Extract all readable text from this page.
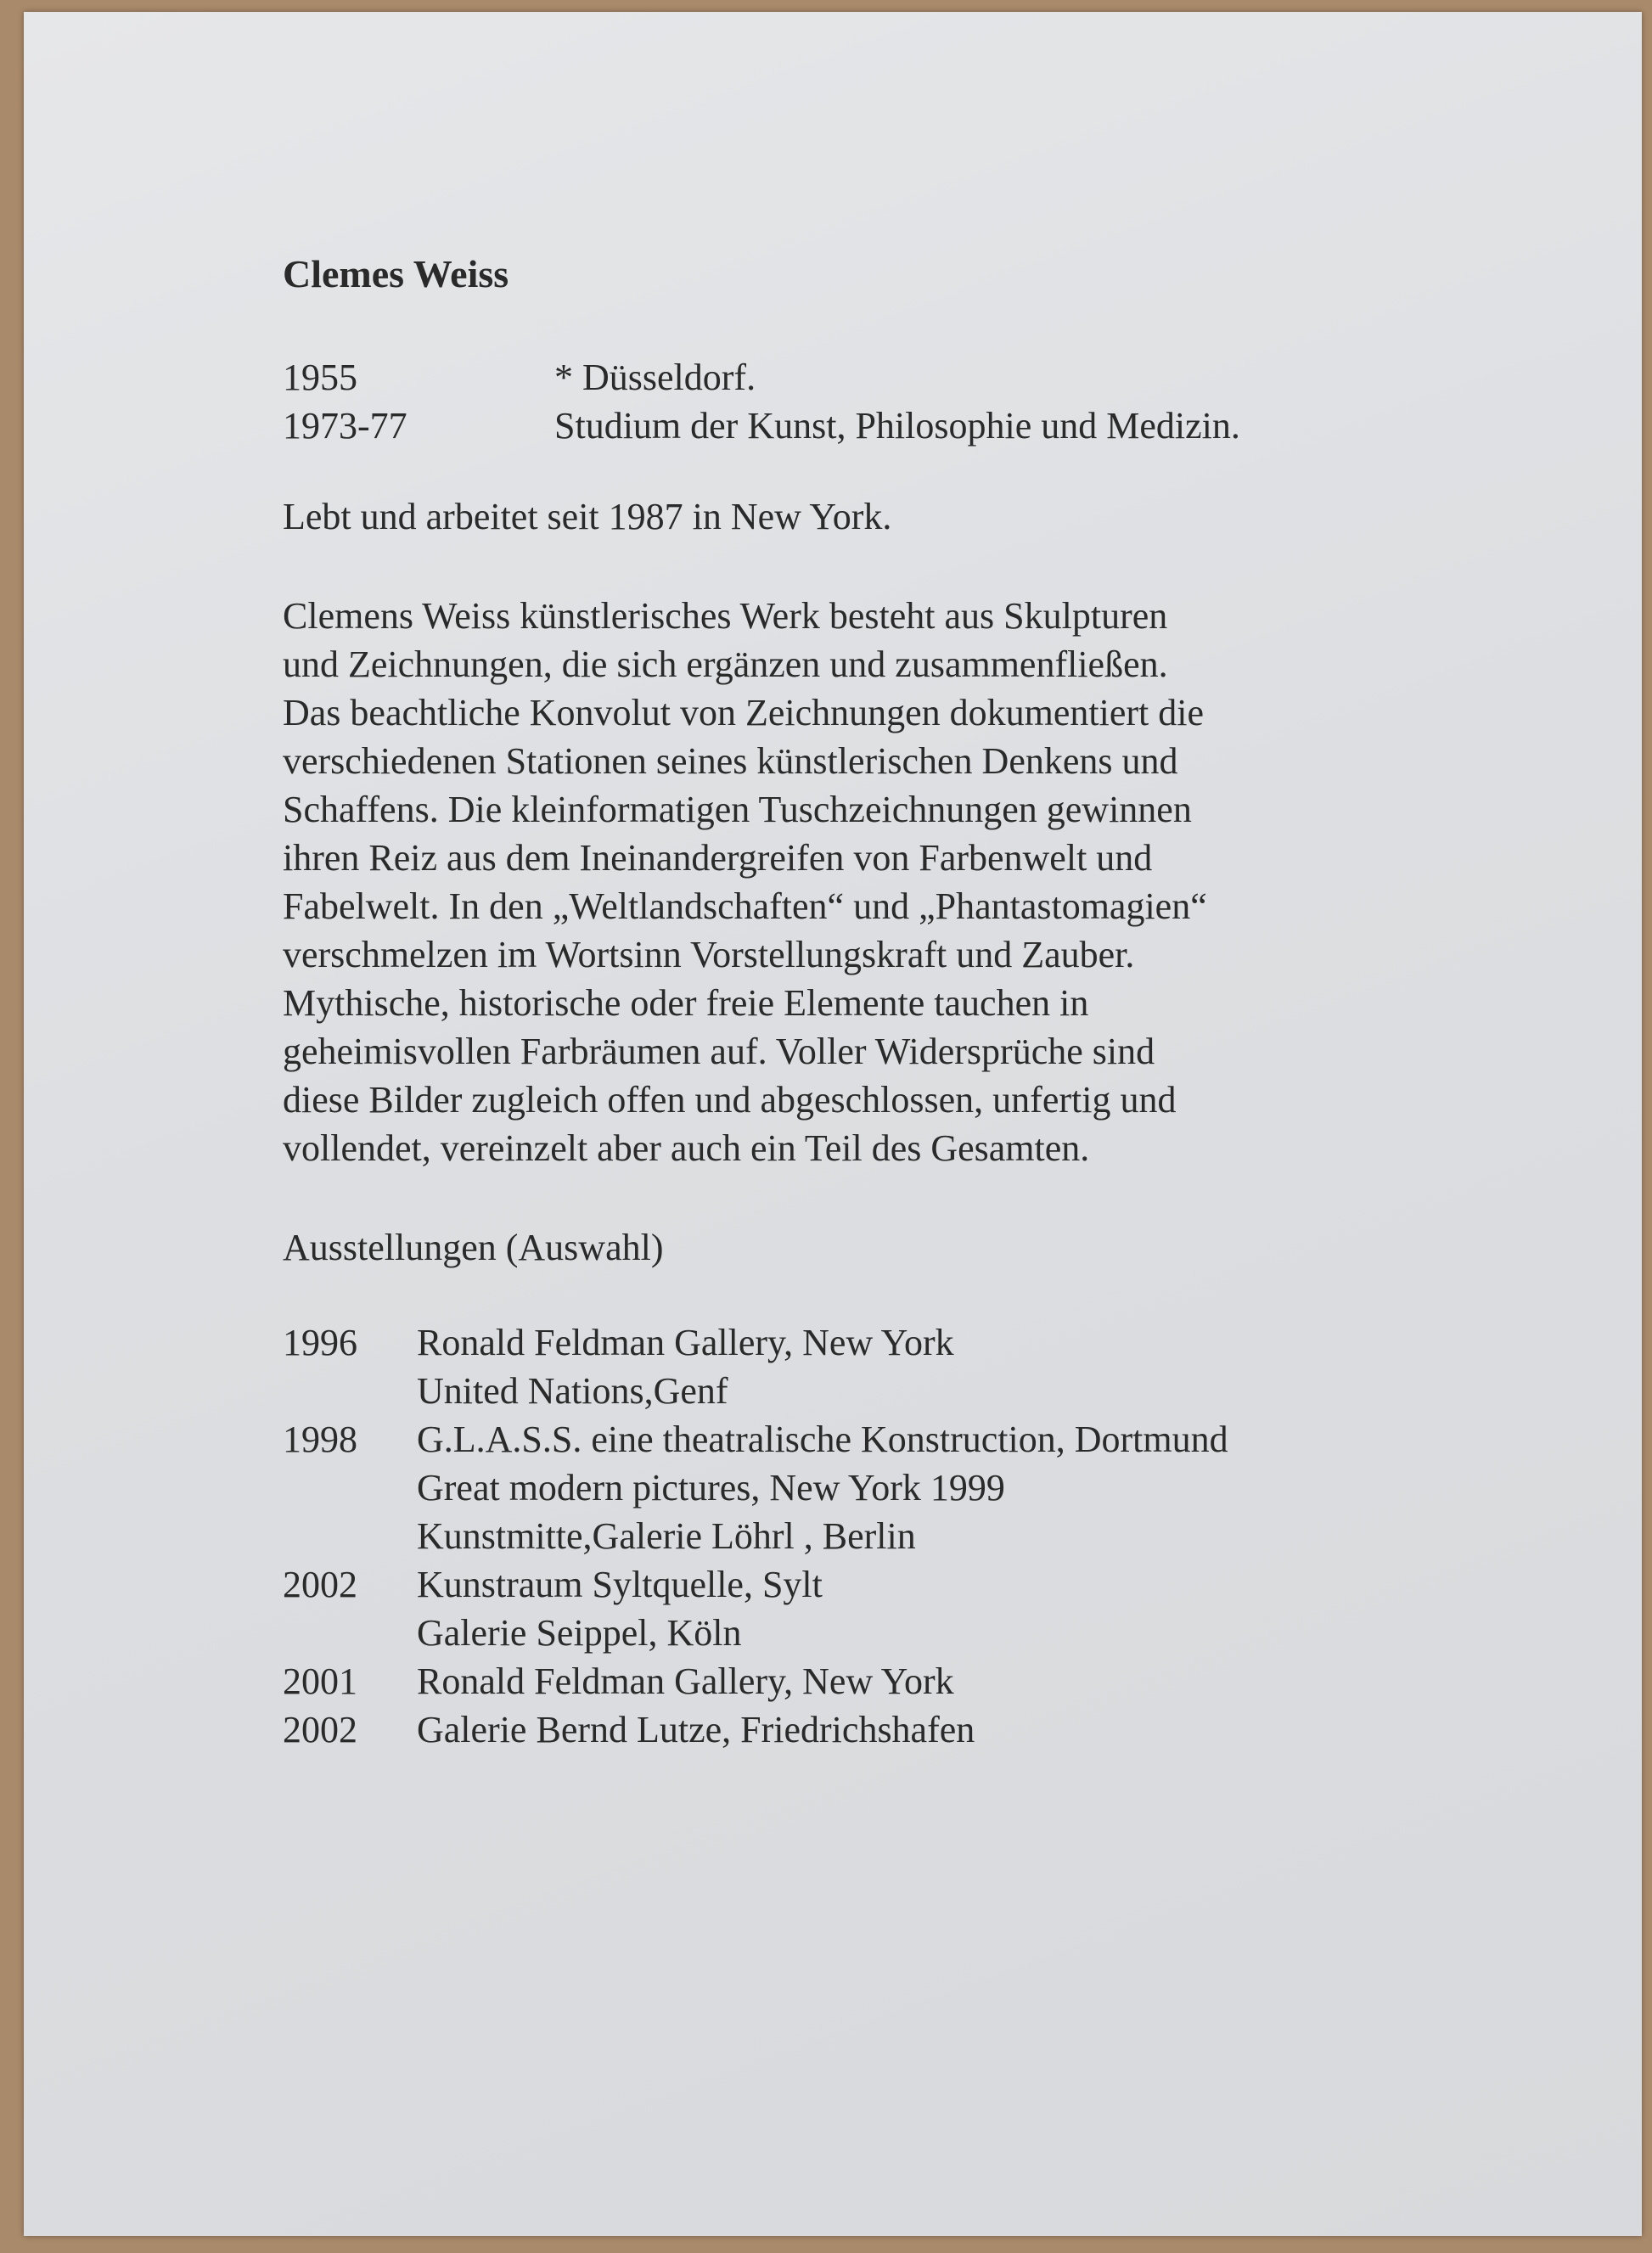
Clemes Weiss
1955	* Düsseldorf.
1973-77	Studium der Kunst, Philosophie und Medizin.
Lebt und arbeitet seit 1987 in New York.
Clemens Weiss künstlerisches Werk besteht aus Skulpturen
und Zeichnungen, die sich ergänzen und zusammenfließen.
Das beachtliche Konvolut von Zeichnungen dokumentiert die
verschiedenen Stationen seines künstlerischen Denkens und
Schaffens. Die kleinformatigen Tuschzeichnungen gewinnen
ihren Reiz aus dem Ineinandergreifen von Farbenwelt und
Fabelwelt. In den „Weltlandschaften“ und „Phantastomagien“
verschmelzen im Wortsinn Vorstellungskraft und Zauber.
Mythische, historische oder freie Elemente tauchen in
geheimisvollen Farbräumen auf. Voller Widersprüche sind
diese Bilder zugleich offen und abgeschlossen, unfertig und
vollendet, vereinzelt aber auch ein Teil des Gesamten.
Ausstellungen (Auswahl)
1996	Ronald Feldman Gallery, New York
United Nations,Genf
1998	G.L.A.S.S. eine theatralische Konstruction, Dortmund
Great modern pictures, New York 1999
Kunstmitte,Galerie Löhrl , Berlin
2002	Kunstraum Syltquelle, Sylt
Galerie Seippel, Köln
2001	Ronald Feldman Gallery, New York
2002	Galerie Bernd Lutze, Friedrichshafen
